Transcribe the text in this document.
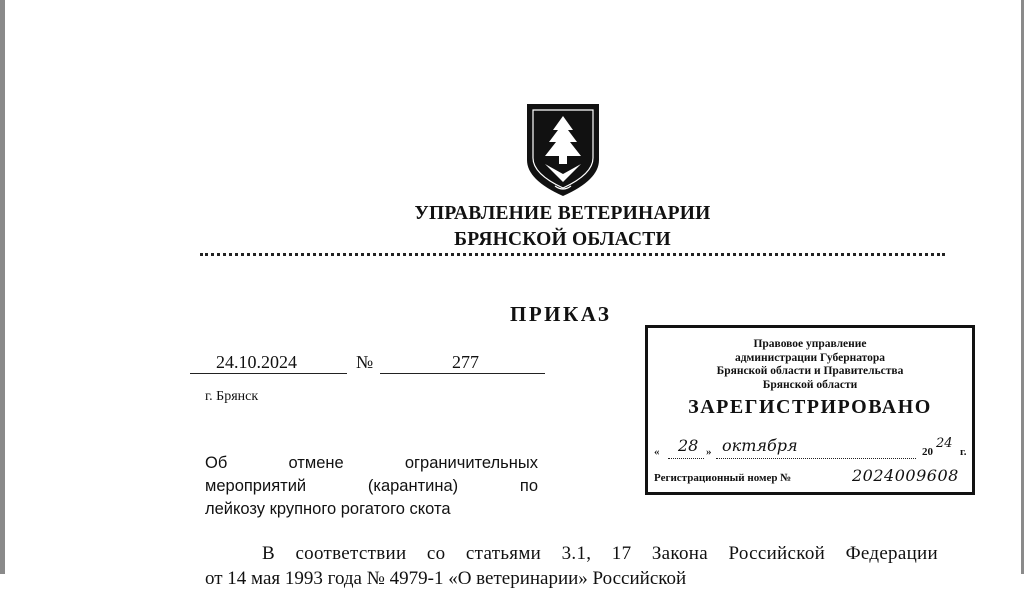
УПРАВЛЕНИЕ ВЕТЕРИНАРИИ
БРЯНСКОЙ ОБЛАСТИ
ПРИКАЗ
24.10.2024	№	277
г. Брянск
Об отмене ограничительных
мероприятий (карантина) по
лейкозу крупного рогатого скота
Правовое управление
администрации Губернатора
Брянской области и Правительства
Брянской области
ЗАРЕГИСТРИРОВАНО
« 28 » октября	20
24
г.
Регистрационный номер №	2024009608
В соответствии со статьями 3.1, 17 Закона Российской Федерации
от 14 мая 1993 года № 4979-1 «О ветеринарии» Российской
